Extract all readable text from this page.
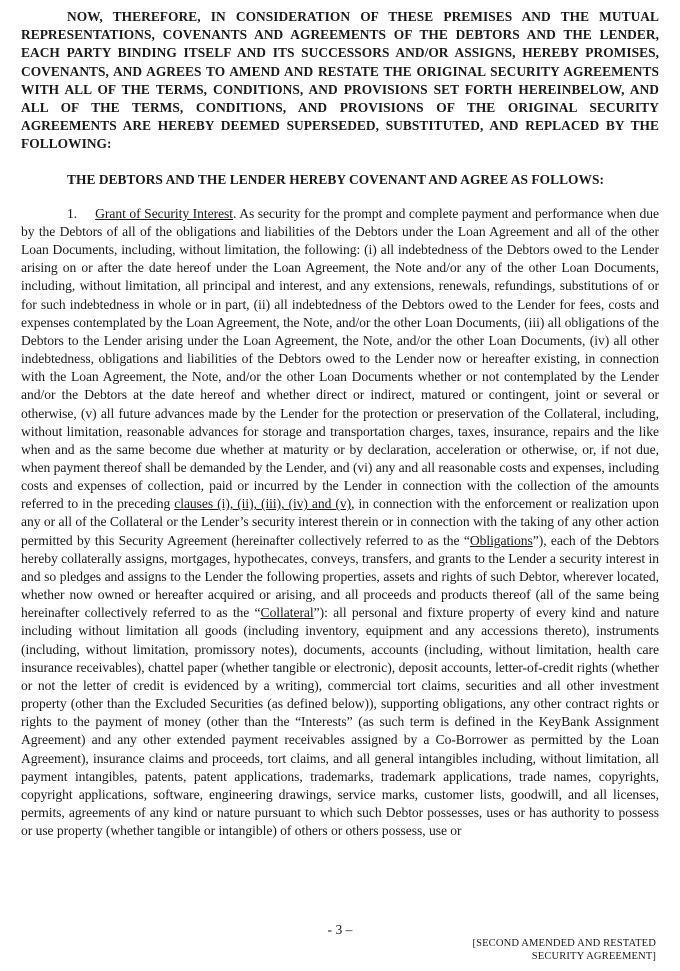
NOW, THEREFORE, IN CONSIDERATION OF THESE PREMISES AND THE MUTUAL REPRESENTATIONS, COVENANTS AND AGREEMENTS OF THE DEBTORS AND THE LENDER, EACH PARTY BINDING ITSELF AND ITS SUCCESSORS AND/OR ASSIGNS, HEREBY PROMISES, COVENANTS, AND AGREES TO AMEND AND RESTATE THE ORIGINAL SECURITY AGREEMENTS WITH ALL OF THE TERMS, CONDITIONS, AND PROVISIONS SET FORTH HEREINBELOW, AND ALL OF THE TERMS, CONDITIONS, AND PROVISIONS OF THE ORIGINAL SECURITY AGREEMENTS ARE HEREBY DEEMED SUPERSEDED, SUBSTITUTED, AND REPLACED BY THE FOLLOWING:

THE DEBTORS AND THE LENDER HEREBY COVENANT AND AGREE AS FOLLOWS:

1. Grant of Security Interest. As security for the prompt and complete payment and performance when due by the Debtors of all of the obligations and liabilities of the Debtors under the Loan Agreement and all of the other Loan Documents, including, without limitation, the following: (i) all indebtedness of the Debtors owed to the Lender arising on or after the date hereof under the Loan Agreement, the Note and/or any of the other Loan Documents, including, without limitation, all principal and interest, and any extensions, renewals, refundings, substitutions of or for such indebtedness in whole or in part, (ii) all indebtedness of the Debtors owed to the Lender for fees, costs and expenses contemplated by the Loan Agreement, the Note, and/or the other Loan Documents, (iii) all obligations of the Debtors to the Lender arising under the Loan Agreement, the Note, and/or the other Loan Documents, (iv) all other indebtedness, obligations and liabilities of the Debtors owed to the Lender now or hereafter existing, in connection with the Loan Agreement, the Note, and/or the other Loan Documents whether or not contemplated by the Lender and/or the Debtors at the date hereof and whether direct or indirect, matured or contingent, joint or several or otherwise, (v) all future advances made by the Lender for the protection or preservation of the Collateral, including, without limitation, reasonable advances for storage and transportation charges, taxes, insurance, repairs and the like when and as the same become due whether at maturity or by declaration, acceleration or otherwise, or, if not due, when payment thereof shall be demanded by the Lender, and (vi) any and all reasonable costs and expenses, including costs and expenses of collection, paid or incurred by the Lender in connection with the collection of the amounts referred to in the preceding clauses (i), (ii), (iii), (iv) and (v), in connection with the enforcement or realization upon any or all of the Collateral or the Lender’s security interest therein or in connection with the taking of any other action permitted by this Security Agreement (hereinafter collectively referred to as the “Obligations”), each of the Debtors hereby collaterally assigns, mortgages, hypothecates, conveys, transfers, and grants to the Lender a security interest in and so pledges and assigns to the Lender the following properties, assets and rights of such Debtor, wherever located, whether now owned or hereafter acquired or arising, and all proceeds and products thereof (all of the same being hereinafter collectively referred to as the “Collateral”): all personal and fixture property of every kind and nature including without limitation all goods (including inventory, equipment and any accessions thereto), instruments (including, without limitation, promissory notes), documents, accounts (including, without limitation, health care insurance receivables), chattel paper (whether tangible or electronic), deposit accounts, letter-of-credit rights (whether or not the letter of credit is evidenced by a writing), commercial tort claims, securities and all other investment property (other than the Excluded Securities (as defined below)), supporting obligations, any other contract rights or rights to the payment of money (other than the “Interests” (as such term is defined in the KeyBank Assignment Agreement) and any other extended payment receivables assigned by a Co-Borrower as permitted by the Loan Agreement), insurance claims and proceeds, tort claims, and all general intangibles including, without limitation, all payment intangibles, patents, patent applications, trademarks, trademark applications, trade names, copyrights, copyright applications, software, engineering drawings, service marks, customer lists, goodwill, and all licenses, permits, agreements of any kind or nature pursuant to which such Debtor possesses, uses or has authority to possess or use property (whether tangible or intangible) of others or others possess, use or

- 3 –
[SECOND AMENDED AND RESTATED
SECURITY AGREEMENT]
